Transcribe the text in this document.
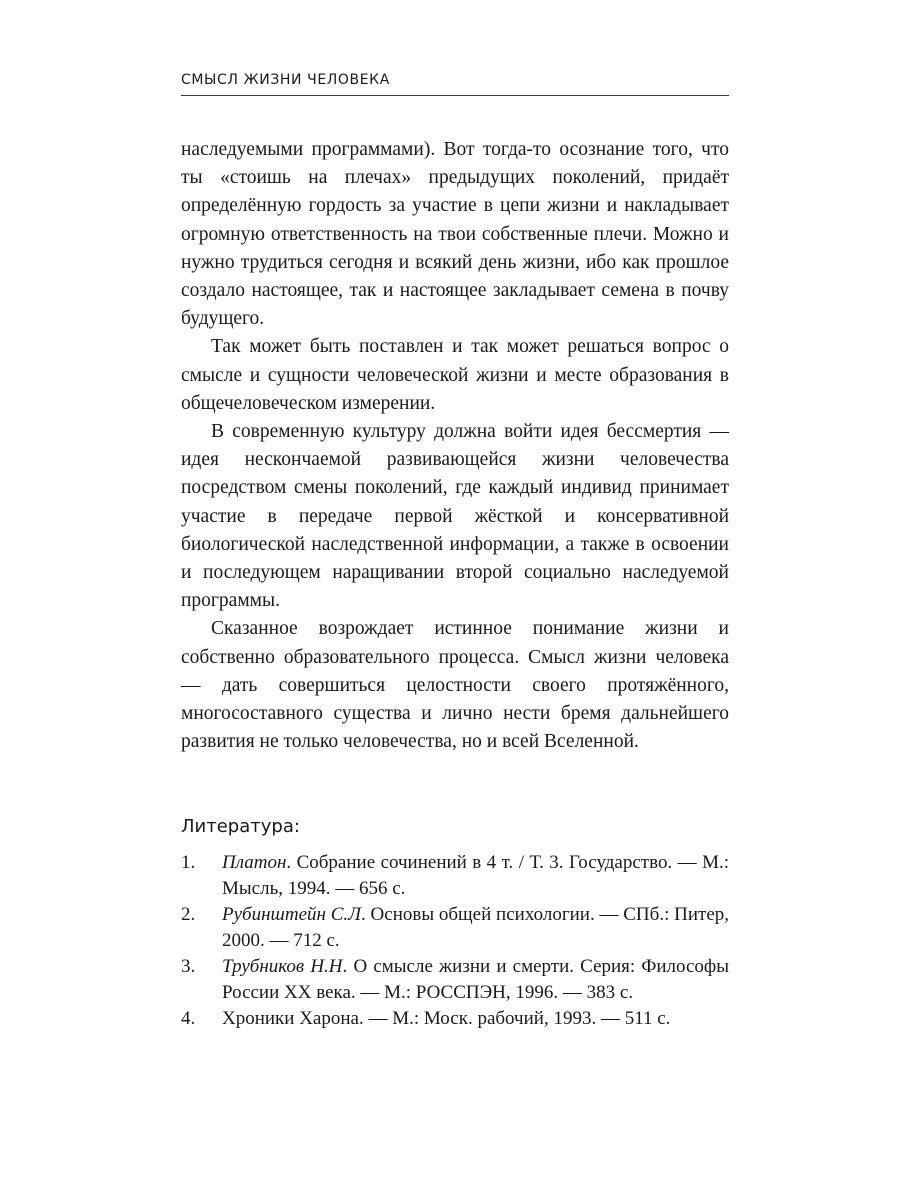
СМЫСЛ ЖИЗНИ ЧЕЛОВЕКА

наследуемыми программами). Вот тогда-то осознание того, что ты «стоишь на плечах» предыдущих поколений, придаёт определённую гордость за участие в цепи жизни и накладывает огромную ответственность на твои собственные плечи. Можно и нужно трудиться сегодня и всякий день жизни, ибо как прошлое создало настоящее, так и настоящее закладывает семена в почву будущего.

Так может быть поставлен и так может решаться вопрос о смысле и сущности человеческой жизни и месте образования в общечеловеческом измерении.

В современную культуру должна войти идея бессмертия — идея нескончаемой развивающейся жизни человечества посредством смены поколений, где каждый индивид принимает участие в передаче первой жёсткой и консервативной биологической наследственной информации, а также в освоении и последующем наращивании второй социально наследуемой программы.

Сказанное возрождает истинное понимание жизни и собственно образовательного процесса. Смысл жизни человека — дать совершиться целостности своего протяжённого, многосоставного существа и лично нести бремя дальнейшего развития не только человечества, но и всей Вселенной.

Литература:
1. Платон. Собрание сочинений в 4 т. / Т. 3. Государство. — М.: Мысль, 1994. — 656 с.
2. Рубинштейн С.Л. Основы общей психологии. — СПб.: Питер, 2000. — 712 с.
3. Трубников Н.Н. О смысле жизни и смерти. Серия: Философы России XX века. — М.: РОССПЭН, 1996. — 383 с.
4. Хроники Харона. — М.: Моск. рабочий, 1993. — 511 с.
